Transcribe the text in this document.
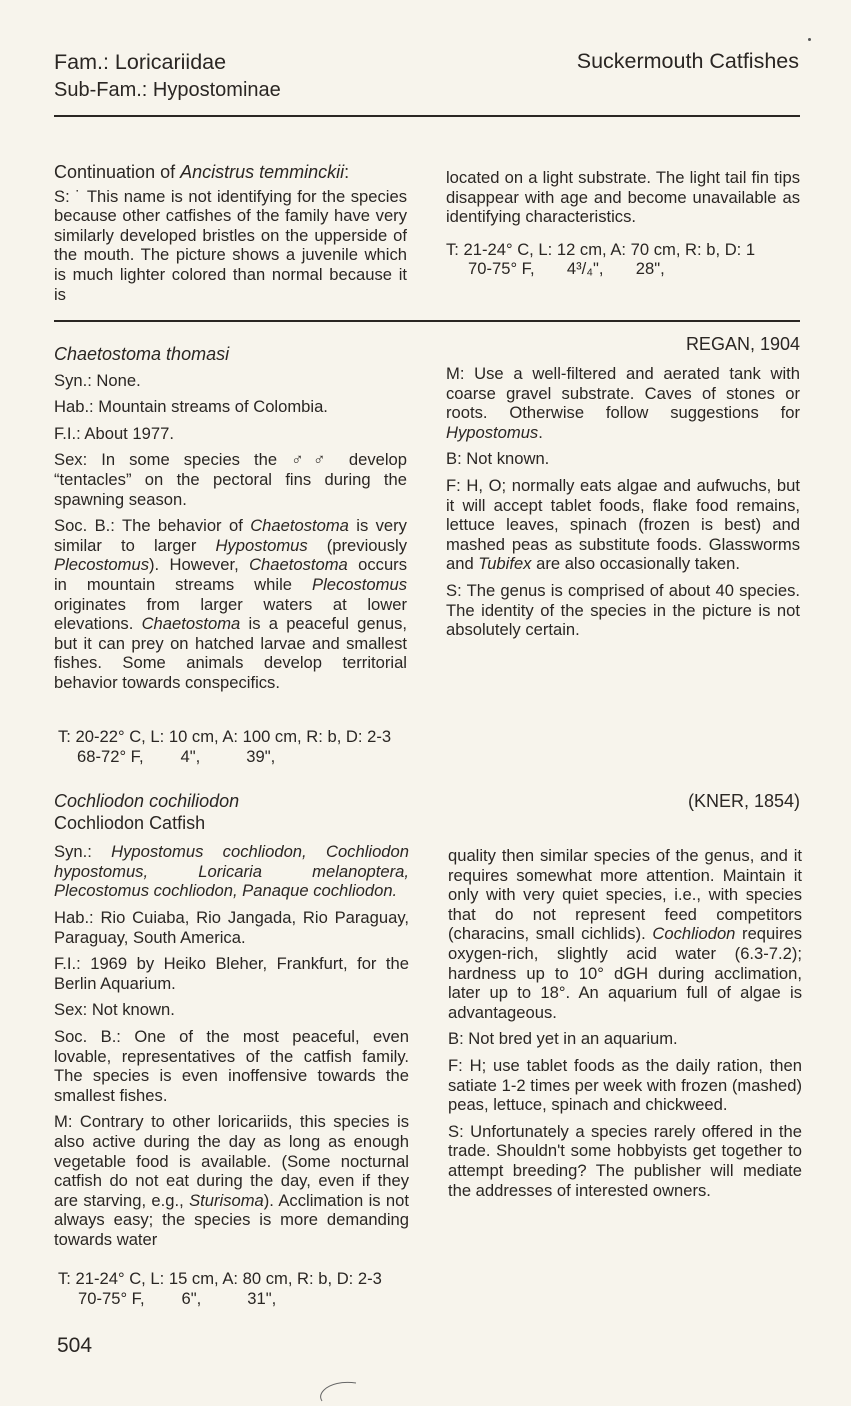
Fam.: Loricariidae
Sub-Fam.: Hypostominae
Suckermouth Catfishes

Continuation of Ancistrus temminckii:

S: ˙ This name is not identifying for the species because other catfishes of the family have very similarly developed bristles on the upperside of the mouth. The picture shows a juvenile which is much lighter colored than normal because it is

located on a light substrate. The light tail fin tips disappear with age and become unavailable as identifying characteristics.

T: 21-24° C, L: 12 cm, A: 70 cm, R: b, D: 1
70-75° F,       4³/₄",       28",
REGAN, 1904

Chaetostoma thomasi

Syn.: None.

Hab.: Mountain streams of Colombia.

F.I.: About 1977.

Sex: In some species the ♂♂ develop “tentacles” on the pectoral fins during the spawning season.

Soc. B.: The behavior of Chaetostoma is very similar to larger Hypostomus (previously Plecostomus). However, Chaetostoma occurs in mountain streams while Plecostomus originates from larger waters at lower elevations. Chaetostoma is a peaceful genus, but it can prey on hatched larvae and smallest fishes. Some animals develop territorial behavior towards conspecifics.

T: 20-22° C, L: 10 cm, A: 100 cm, R: b, D: 2-3
68-72° F,        4",          39",

M: Use a well-filtered and aerated tank with coarse gravel substrate. Caves of stones or roots. Otherwise follow suggestions for Hypostomus.

B: Not known.

F: H, O; normally eats algae and aufwuchs, but it will accept tablet foods, flake food remains, lettuce leaves, spinach (frozen is best) and mashed peas as substitute foods. Glassworms and Tubifex are also occasionally taken.

S: The genus is comprised of about 40 species. The identity of the species in the picture is not absolutely certain.

(KNER, 1854)

Cochliodon cochiliodon

Cochliodon Catfish

Syn.: Hypostomus cochliodon, Cochliodon hypostomus, Loricaria melanoptera, Plecostomus cochliodon, Panaque cochliodon.

Hab.: Rio Cuiaba, Rio Jangada, Rio Paraguay, Paraguay, South America.

F.I.: 1969 by Heiko Bleher, Frankfurt, for the Berlin Aquarium.

Sex: Not known.

Soc. B.: One of the most peaceful, even lovable, representatives of the catfish family. The species is even inoffensive towards the smallest fishes.

M: Contrary to other loricariids, this species is also active during the day as long as enough vegetable food is available. (Some nocturnal catfish do not eat during the day, even if they are starving, e.g., Sturisoma). Acclimation is not always easy; the species is more demanding towards water

T: 21-24° C, L: 15 cm, A: 80 cm, R: b, D: 2-3
70-75° F,        6",          31",

quality then similar species of the genus, and it requires somewhat more attention. Maintain it only with very quiet species, i.e., with species that do not represent feed competitors (characins, small cichlids). Cochliodon requires oxygen-rich, slightly acid water (6.3-7.2); hardness up to 10° dGH during acclimation, later up to 18°. An aquarium full of algae is advantageous.

B: Not bred yet in an aquarium.

F: H; use tablet foods as the daily ration, then satiate 1-2 times per week with frozen (mashed) peas, lettuce, spinach and chickweed.

S: Unfortunately a species rarely offered in the trade. Shouldn't some hobbyists get together to attempt breeding? The publisher will mediate the addresses of interested owners.

504
